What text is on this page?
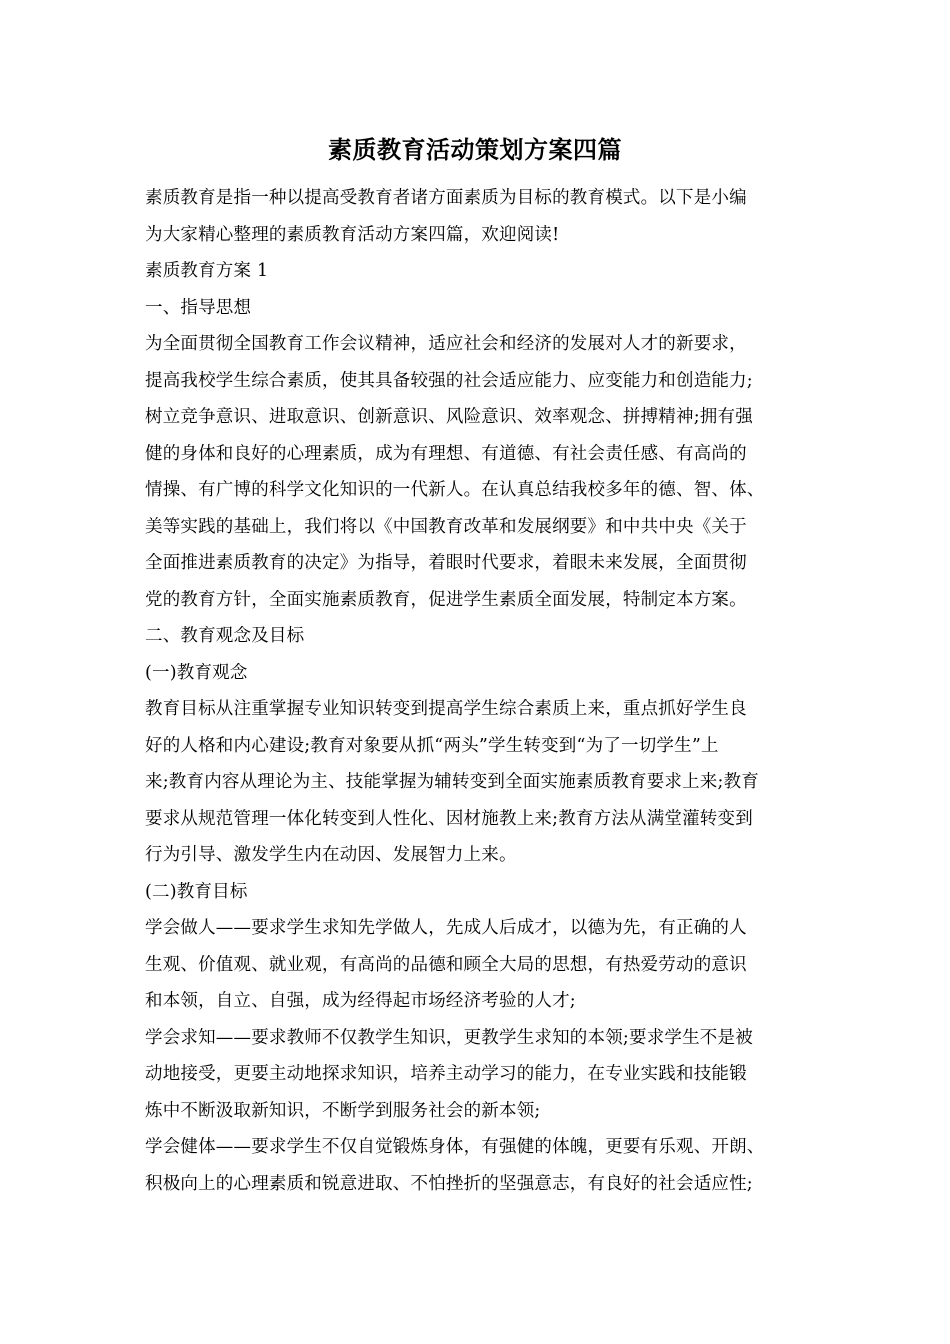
素质教育活动策划方案四篇
素质教育是指一种以提高受教育者诸方面素质为目标的教育模式。以下是小编
为大家精心整理的素质教育活动方案四篇，欢迎阅读!
素质教育方案 1
一、指导思想
为全面贯彻全国教育工作会议精神，适应社会和经济的发展对人才的新要求，
提高我校学生综合素质，使其具备较强的社会适应能力、应变能力和创造能力;
树立竞争意识、进取意识、创新意识、风险意识、效率观念、拼搏精神;拥有强
健的身体和良好的心理素质，成为有理想、有道德、有社会责任感、有高尚的
情操、有广博的科学文化知识的一代新人。在认真总结我校多年的德、智、体、
美等实践的基础上，我们将以《中国教育改革和发展纲要》和中共中央《关于
全面推进素质教育的决定》为指导，着眼时代要求，着眼未来发展，全面贯彻
党的教育方针，全面实施素质教育，促进学生素质全面发展，特制定本方案。
二、教育观念及目标
(一)教育观念
教育目标从注重掌握专业知识转变到提高学生综合素质上来，重点抓好学生良
好的人格和内心建设;教育对象要从抓“两头”学生转变到“为了一切学生”上
来;教育内容从理论为主、技能掌握为辅转变到全面实施素质教育要求上来;教育
要求从规范管理一体化转变到人性化、因材施教上来;教育方法从满堂灌转变到
行为引导、激发学生内在动因、发展智力上来。
(二)教育目标
学会做人——要求学生求知先学做人，先成人后成才，以德为先，有正确的人
生观、价值观、就业观，有高尚的品德和顾全大局的思想，有热爱劳动的意识
和本领，自立、自强，成为经得起市场经济考验的人才;
学会求知——要求教师不仅教学生知识，更教学生求知的本领;要求学生不是被
动地接受，更要主动地探求知识，培养主动学习的能力，在专业实践和技能锻
炼中不断汲取新知识，不断学到服务社会的新本领;
学会健体——要求学生不仅自觉锻炼身体，有强健的体魄，更要有乐观、开朗、
积极向上的心理素质和锐意进取、不怕挫折的坚强意志，有良好的社会适应性;
